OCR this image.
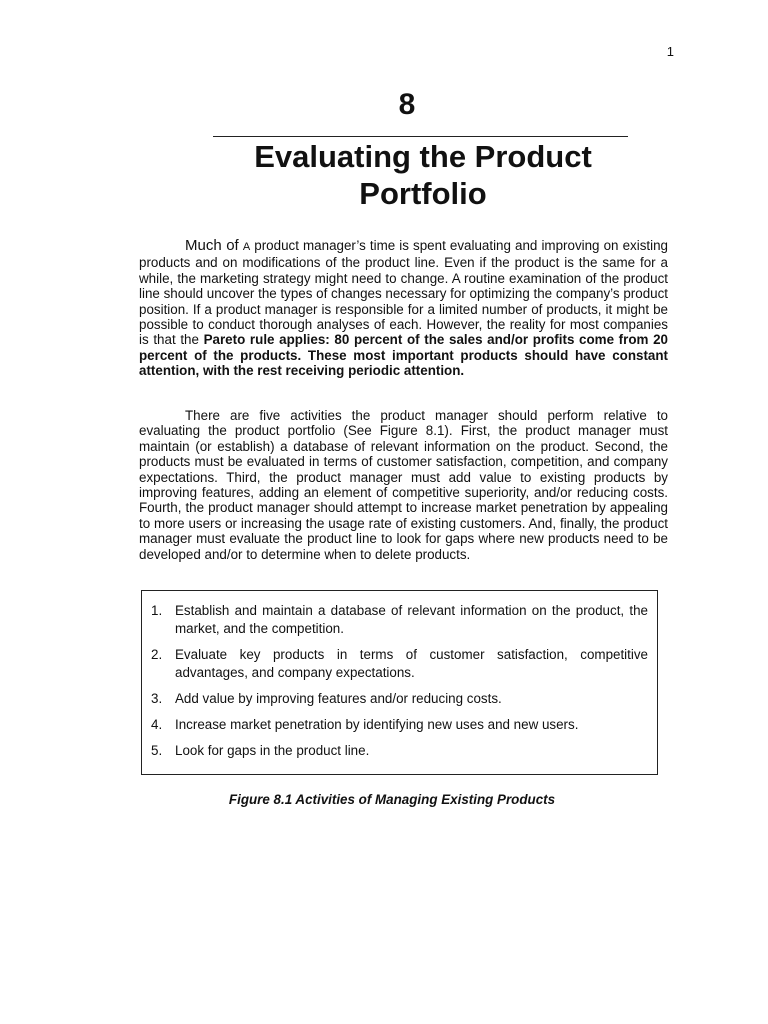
1
8
Evaluating the Product
Portfolio
Much of A product manager’s time is spent evaluating and improving on existing products and on modifications of the product line. Even if the product is the same for a while, the marketing strategy might need to change. A routine examination of the product line should uncover the types of changes necessary for optimizing the company’s product position. If a product manager is responsible for a limited number of products, it might be possible to conduct thorough analyses of each. However, the reality for most companies is that the Pareto rule applies: 80 percent of the sales and/or profits come from 20 percent of the products. These most important products should have constant attention, with the rest receiving periodic attention.
There are five activities the product manager should perform relative to evaluating the product portfolio (See Figure 8.1). First, the product manager must maintain (or establish) a database of relevant information on the product. Second, the products must be evaluated in terms of customer satisfaction, competition, and company expectations. Third, the product manager must add value to existing products by improving features, adding an element of competitive superiority, and/or reducing costs. Fourth, the product manager should attempt to increase market penetration by appealing to more users or increasing the usage rate of existing customers. And, finally, the product manager must evaluate the product line to look for gaps where new products need to be developed and/or to determine when to delete products.
1. Establish and maintain a database of relevant information on the product, the market, and the competition.
2. Evaluate key products in terms of customer satisfaction, competitive advantages, and company expectations.
3. Add value by improving features and/or reducing costs.
4. Increase market penetration by identifying new uses and new users.
5. Look for gaps in the product line.
Figure 8.1 Activities of Managing Existing Products
